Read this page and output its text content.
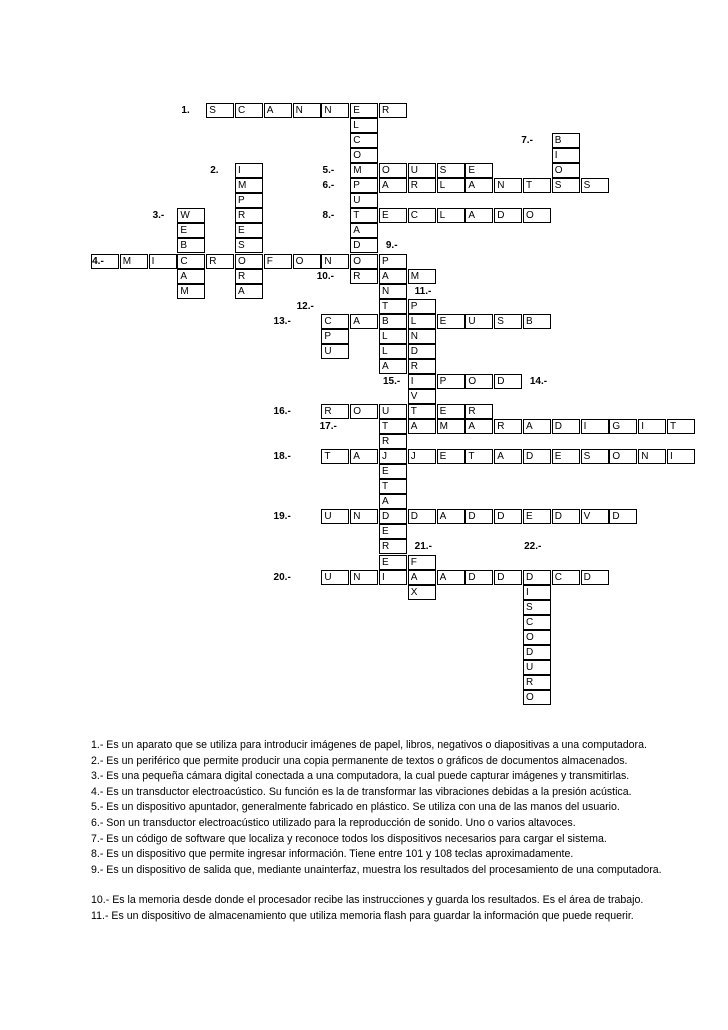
S	C	A	N	N	E	R
I
M
P
R
E
S
O
R
A
W
E
B
C
A
M
M	I	R	F	O	N	O
M	O	U	S	E
P	A	R	L	A	N	T	S	S
B
I
O
T	E	C	L	A	D	O
L
C
O
U
A
D
R
P
A
N
T
B
L
L
A
M
P
L
N
D
R
I
V
T
C
P
U
A	E	U	S	B
P	O	D
A
R	O	U	E	R
T	M	A	R	A	D	I	G	I	T
T	A	J	J	E	T	A	D	E	S	O	N	I
U	N	D	D	A	D	D	E	D	V	D
U	N	I	A	A	D	D	D	C	D
F
X	I
S
C
O
D
U
R
O
R
E
T
A
E
R
E
1.
2.
3.-
4.-
5.-
6.-
7.-
8.-
9.-
10.-
11.-
12.-
13.-
14.-
15.-
16.-
17.-
18.-
19.-
20.-
21.-	22.-
1.- Es un aparato que se utiliza para introducir imágenes de papel, libros, negativos o diapositivas a una computadora.
2.- Es un periférico que permite producir una copia permanente de textos o gráficos de documentos almacenados.
3.- Es una pequeña cámara digital conectada a una computadora, la cual puede capturar imágenes y transmitirlas.
4.- Es un transductor electroacústico. Su función es la de transformar las vibraciones debidas a la presión acústica.
5.- Es un dispositivo apuntador, generalmente fabricado en plástico. Se utiliza con una de las manos del usuario.
6.- Son un transductor electroacústico utilizado para la reproducción de sonido. Uno o varios altavoces.
7.- Es un código de software que localiza y reconoce todos los dispositivos necesarios para cargar el sistema.
8.- Es un dispositivo que permite ingresar información. Tiene entre 101 y 108 teclas aproximadamente.
9.- Es un dispositivo de salida que, mediante unainterfaz, muestra los resultados del procesamiento de una computadora.
10.- Es la memoria desde donde el procesador recibe las instrucciones y guarda los resultados. Es el área de trabajo.
11.- Es un dispositivo de almacenamiento que utiliza memoria flash para guardar la información que puede requerir.
